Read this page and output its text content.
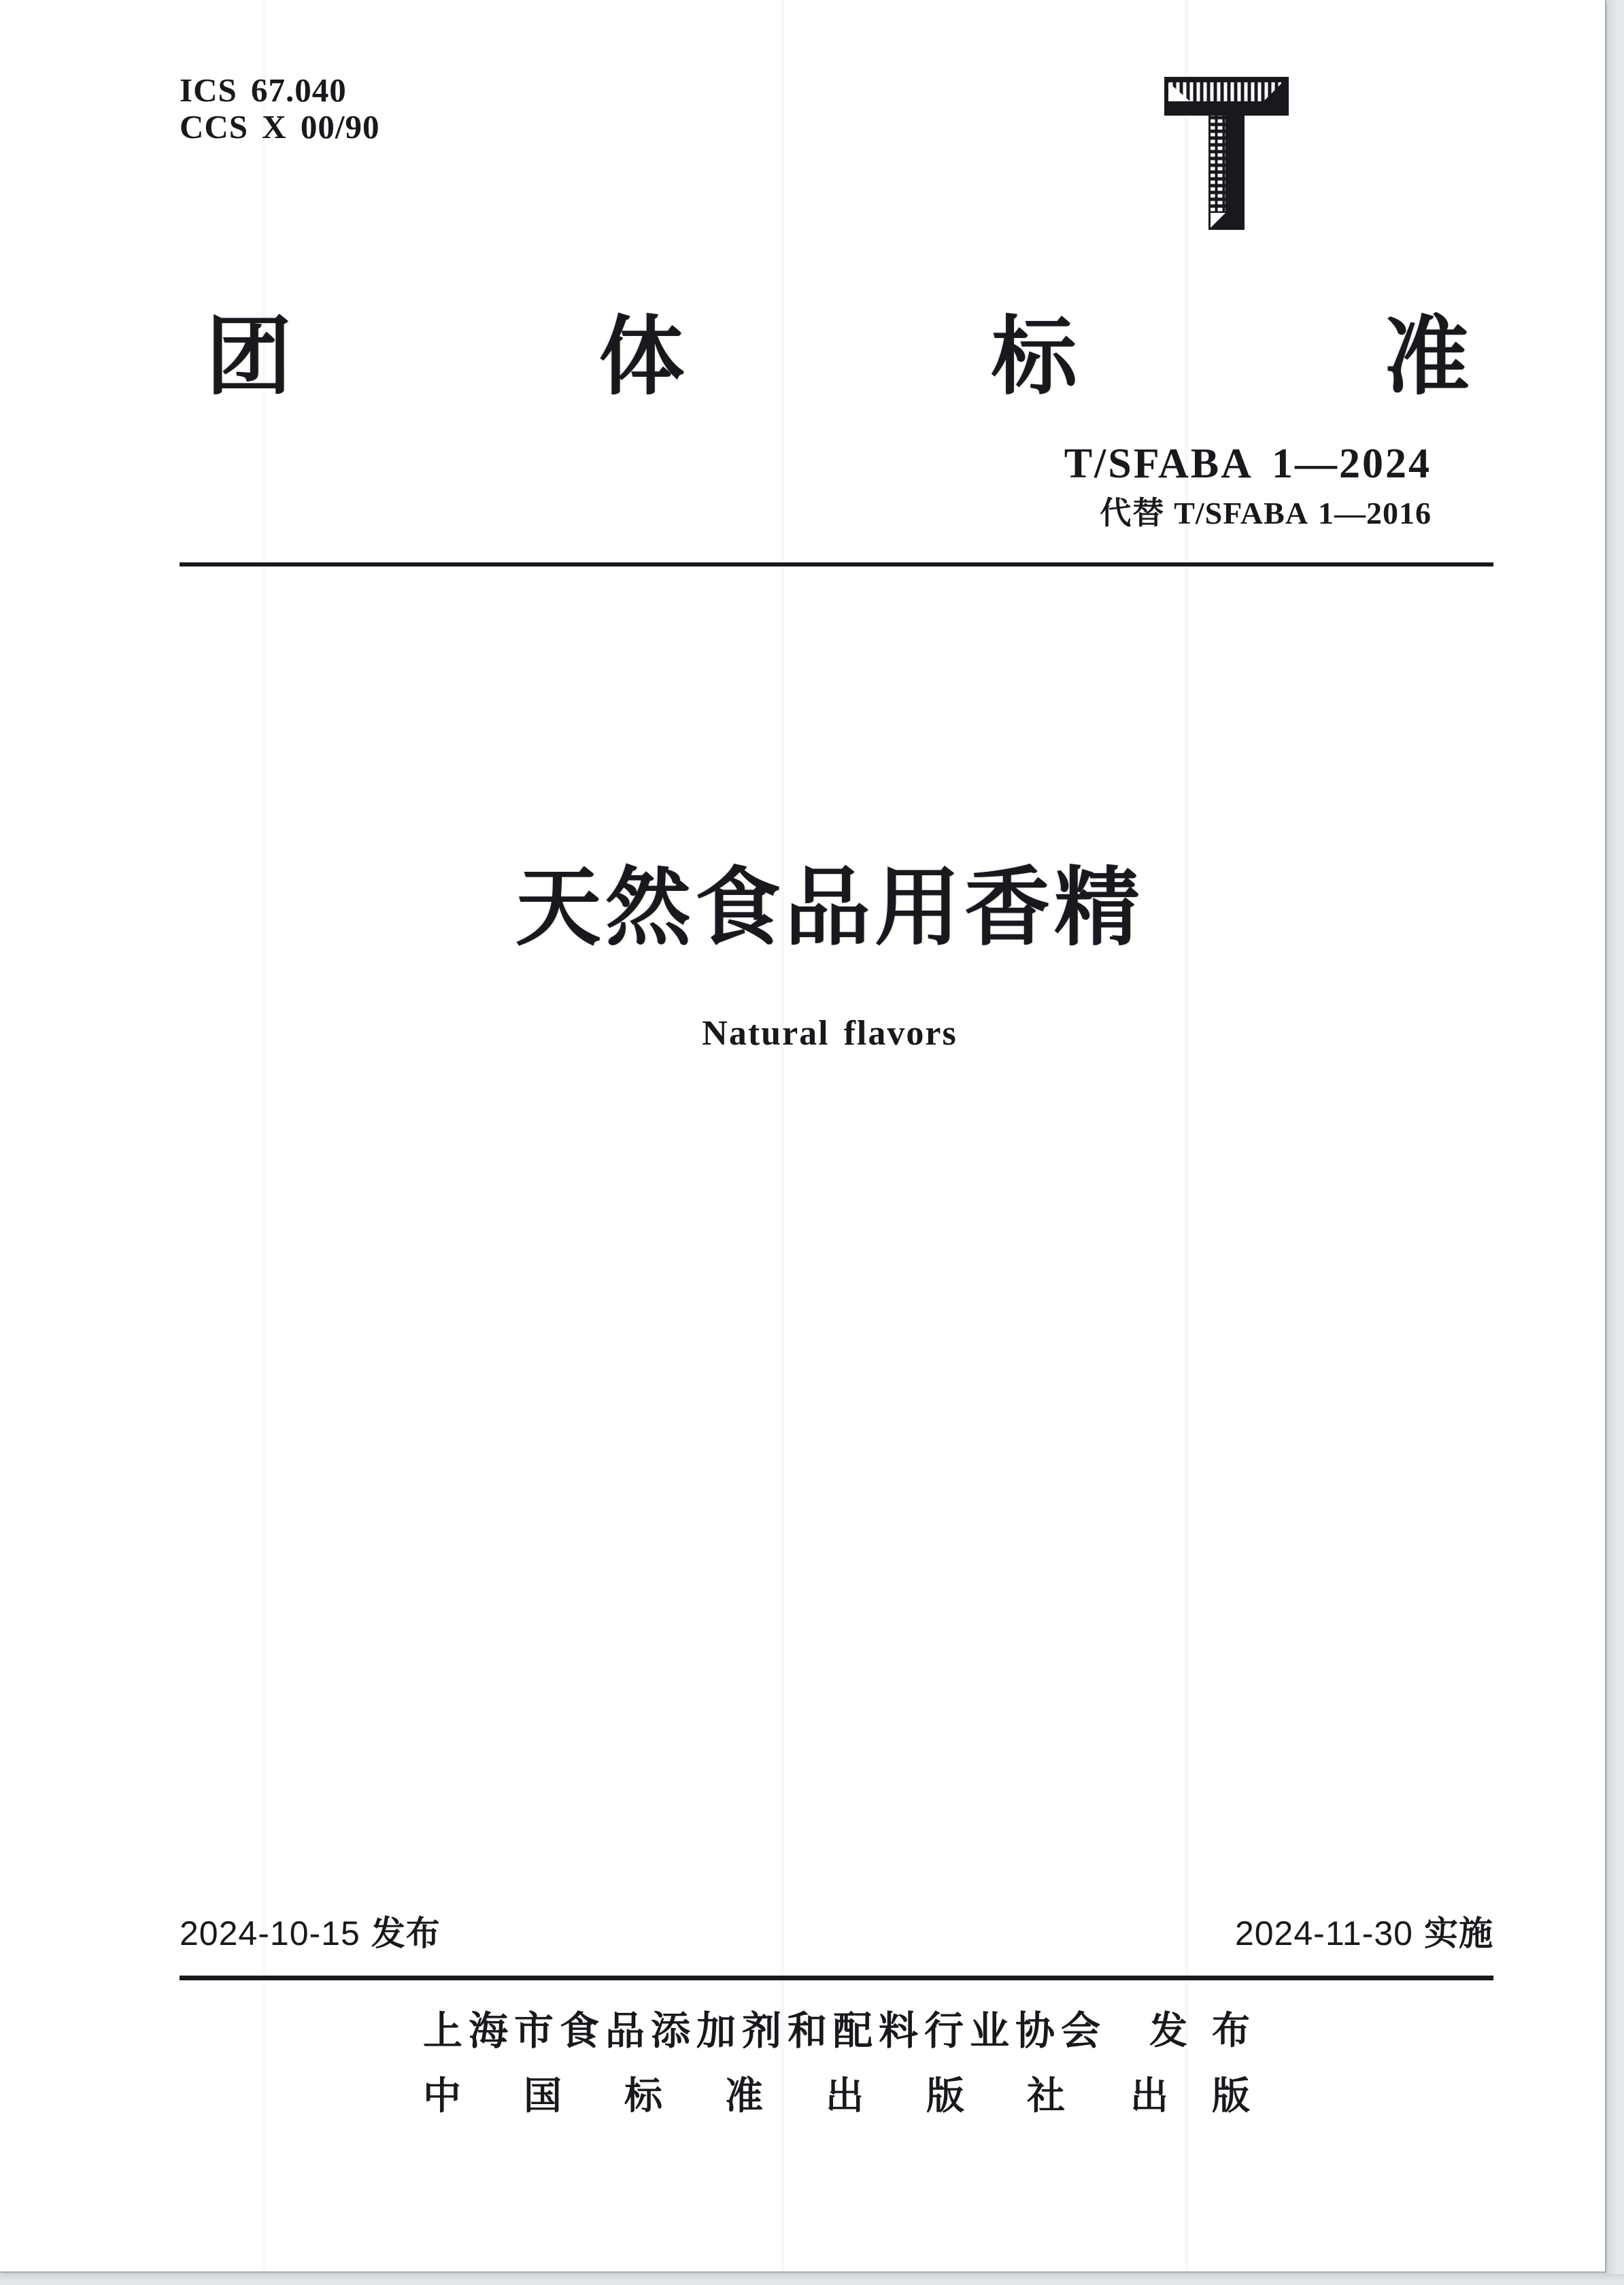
ICS 67.040
CCS X 00/90
团	体	标	准
T/SFABA 1—2024
代替 T/SFABA 1—2016
天然食品用香精
Natural flavors
2024-10-15 发布	2024-11-30 实施
上海市食品添加剂和配料行业协会 发布
中国标准出版社 出版
